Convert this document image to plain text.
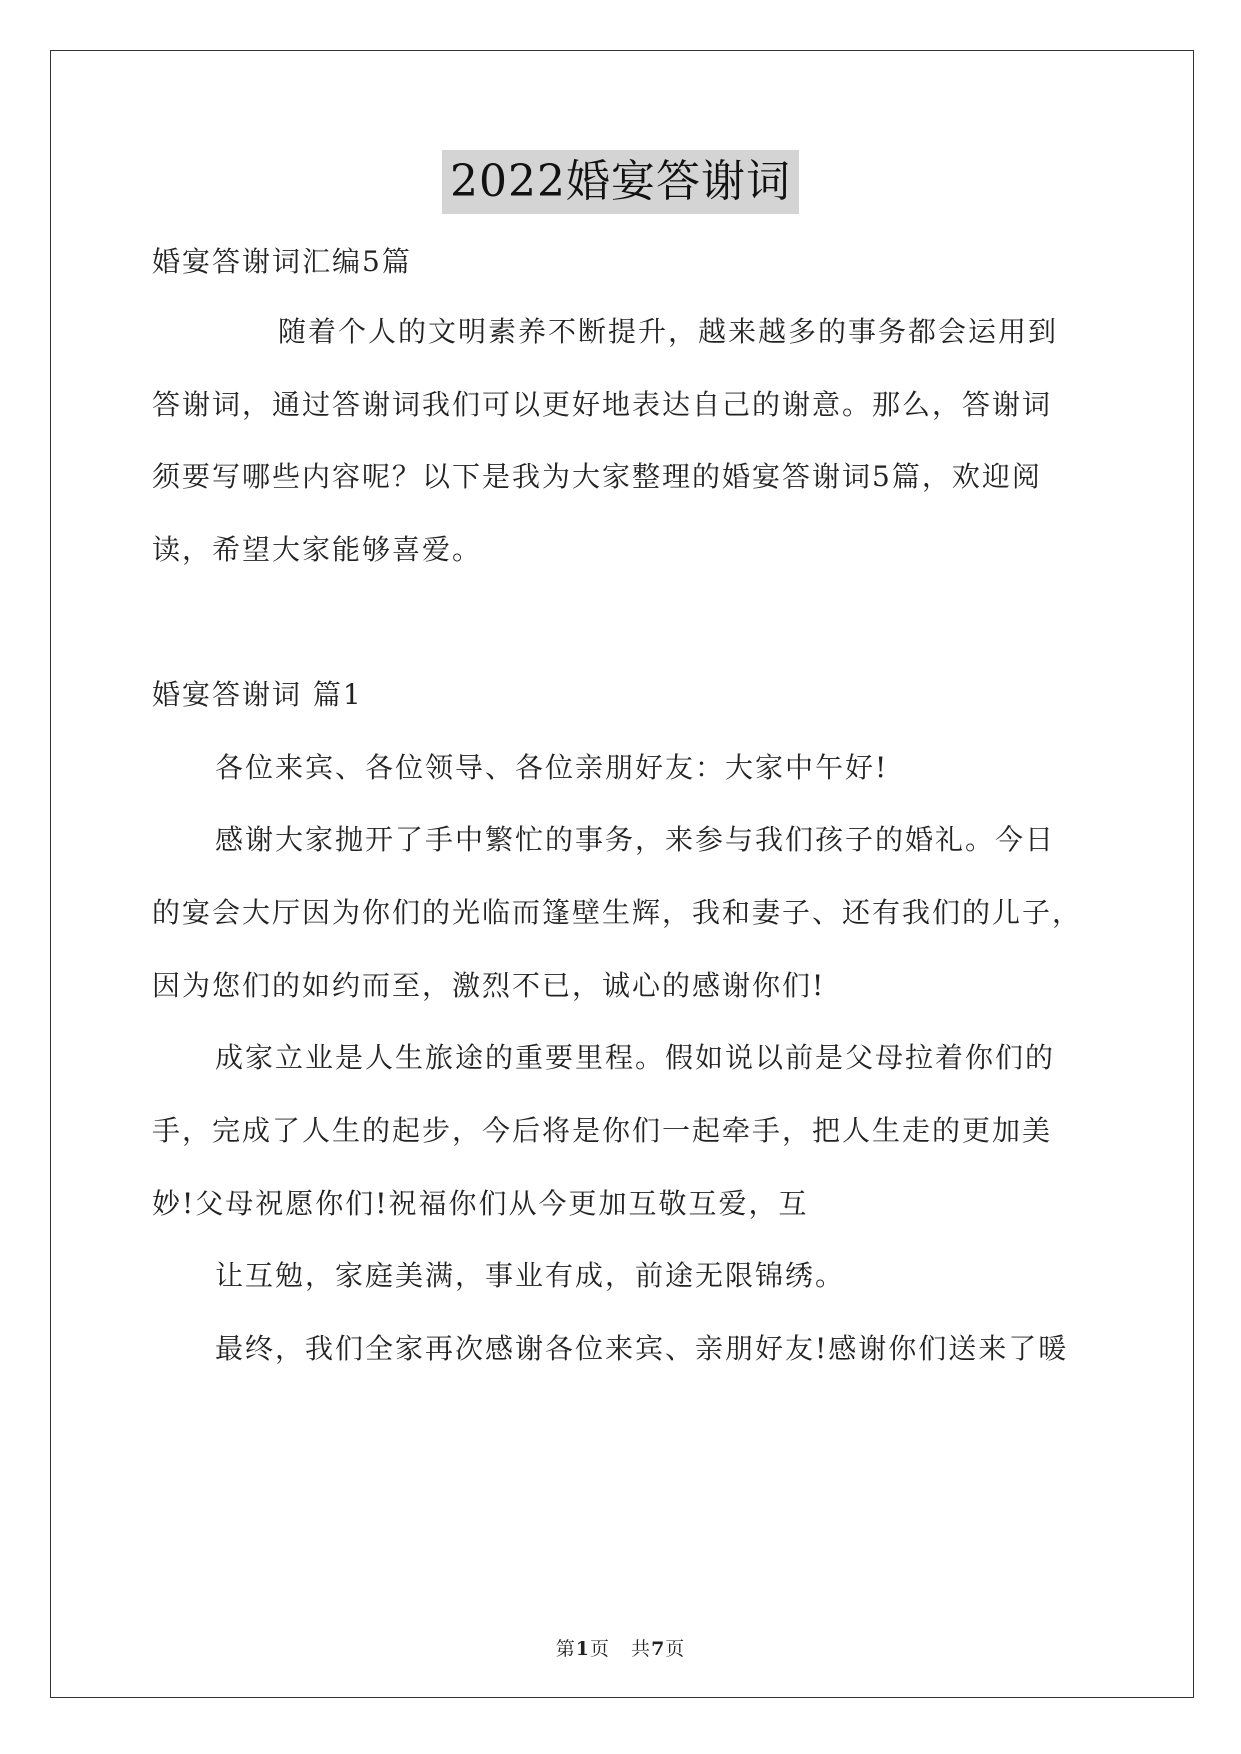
2022婚宴答谢词
婚宴答谢词汇编5篇
随着个人的文明素养不断提升，越来越多的事务都会运用到
答谢词，通过答谢词我们可以更好地表达自己的谢意。那么，答谢词
须要写哪些内容呢？以下是我为大家整理的婚宴答谢词5篇，欢迎阅
读，希望大家能够喜爱。
婚宴答谢词 篇1
各位来宾、各位领导、各位亲朋好友：大家中午好!
感谢大家抛开了手中繁忙的事务，来参与我们孩子的婚礼。今日
的宴会大厅因为你们的光临而篷壁生辉，我和妻子、还有我们的儿子，
因为您们的如约而至，激烈不已，诚心的感谢你们!
成家立业是人生旅途的重要里程。假如说以前是父母拉着你们的
手，完成了人生的起步，今后将是你们一起牵手，把人生走的更加美
妙!父母祝愿你们!祝福你们从今更加互敬互爱，互
让互勉，家庭美满，事业有成，前途无限锦绣。
最终，我们全家再次感谢各位来宾、亲朋好友!感谢你们送来了暖
第1页   共7页
